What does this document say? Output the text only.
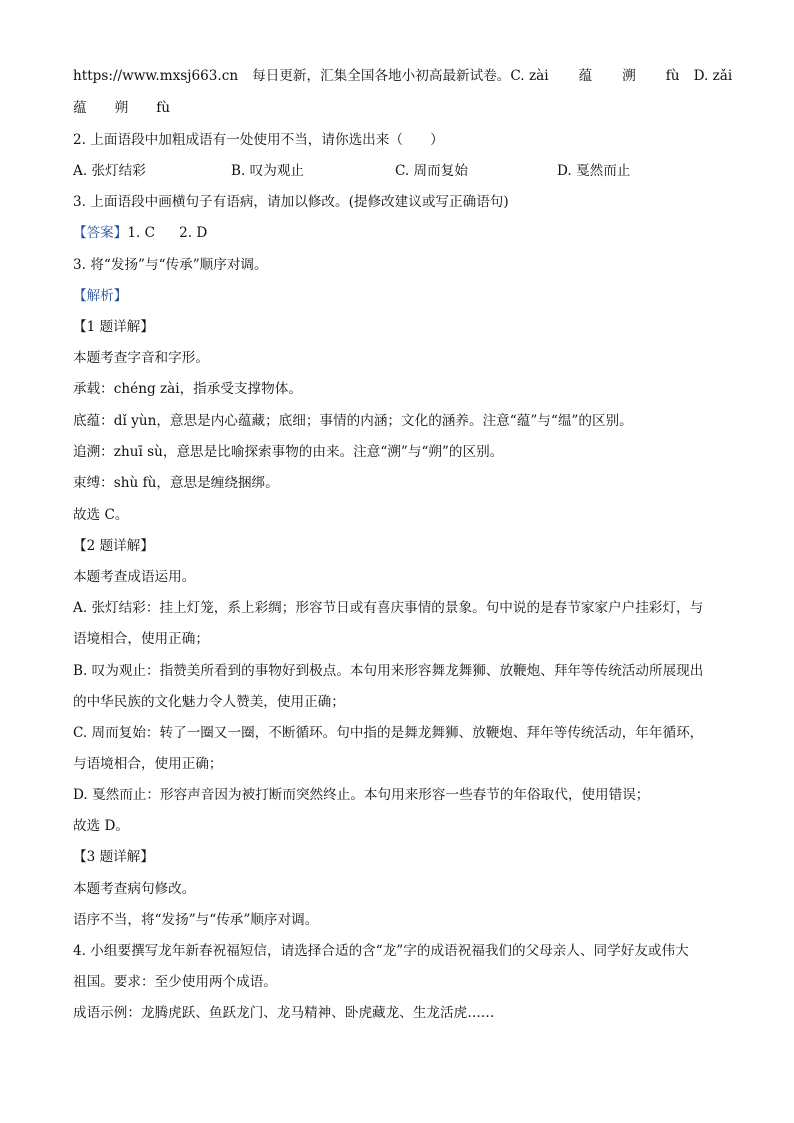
https://www.mxsj663.cn 每日更新，汇集全国各地小初高最新试卷。C. zài 蕴 溯 fù D. zǎi

蕴 朔 fù

2. 上面语段中加粗成语有一处使用不当，请你选出来（　　）

A. 张灯结彩	B. 叹为观止	C. 周而复始	D. 戛然而止

3. 上面语段中画横句子有语病，请加以修改。(提修改建议或写正确语句)

【答案】1. C 2. D

3. 将“发扬”与“传承”顺序对调。

【解析】

【1 题详解】

本题考查字音和字形。

承载：chéng zài，指承受支撑物体。

底蕴：dǐ yùn，意思是内心蕴藏；底细；事情的内涵；文化的涵养。注意“蕴”与“缊”的区别。

追溯：zhuī sù，意思是比喻探索事物的由来。注意“溯”与“朔”的区别。

束缚：shù fù，意思是缠绕捆绑。

故选 C。

【2 题详解】

本题考查成语运用。

A. 张灯结彩：挂上灯笼，系上彩绸；形容节日或有喜庆事情的景象。句中说的是春节家家户户挂彩灯，与

语境相合，使用正确；

B. 叹为观止：指赞美所看到的事物好到极点。本句用来形容舞龙舞狮、放鞭炮、拜年等传统活动所展现出

的中华民族的文化魅力令人赞美，使用正确；

C. 周而复始：转了一圈又一圈，不断循环。句中指的是舞龙舞狮、放鞭炮、拜年等传统活动，年年循环，

与语境相合，使用正确；

D. 戛然而止：形容声音因为被打断而突然终止。本句用来形容一些春节的年俗取代，使用错误；

故选 D。

【3 题详解】

本题考查病句修改。

语序不当，将“发扬”与“传承”顺序对调。

4. 小组要撰写龙年新春祝福短信，请选择合适的含“龙”字的成语祝福我们的父母亲人、同学好友或伟大

祖国。要求：至少使用两个成语。

成语示例：龙腾虎跃、鱼跃龙门、龙马精神、卧虎藏龙、生龙活虎……
